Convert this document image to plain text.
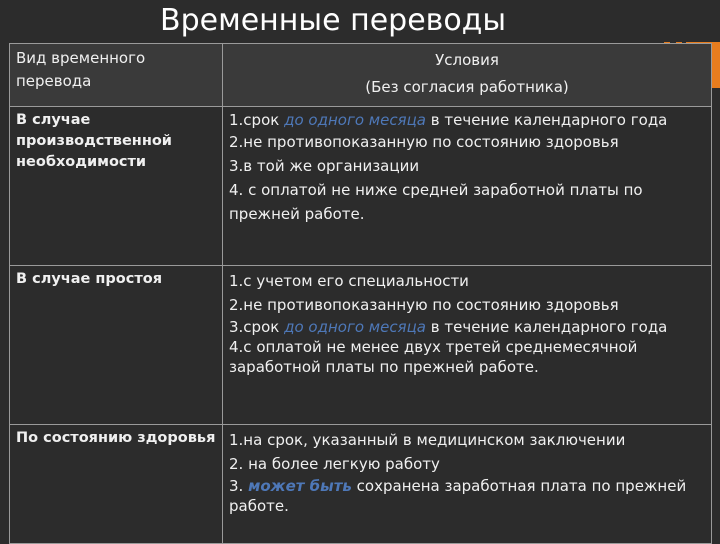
Временные переводы
Вид временного перевода	Условия
(Без согласия работника)

В случае производственной необходимости	1.срок до одного месяца в течение календарного года

2.не противопоказанную по состоянию здоровья

3.в той же организации

4. с оплатой не ниже средней заработной платы по прежней работе.

В случае простоя	1.с учетом его специальности

2.не противопоказанную по состоянию здоровья

3.срок до одного месяца в течение календарного года

4.с оплатой не менее двух третей среднемесячной заработной платы по прежней работе.

По состоянию здоровья	1.на срок, указанный в медицинском заключении

2. на более легкую работу

3. может быть сохранена заработная плата по прежней работе.
